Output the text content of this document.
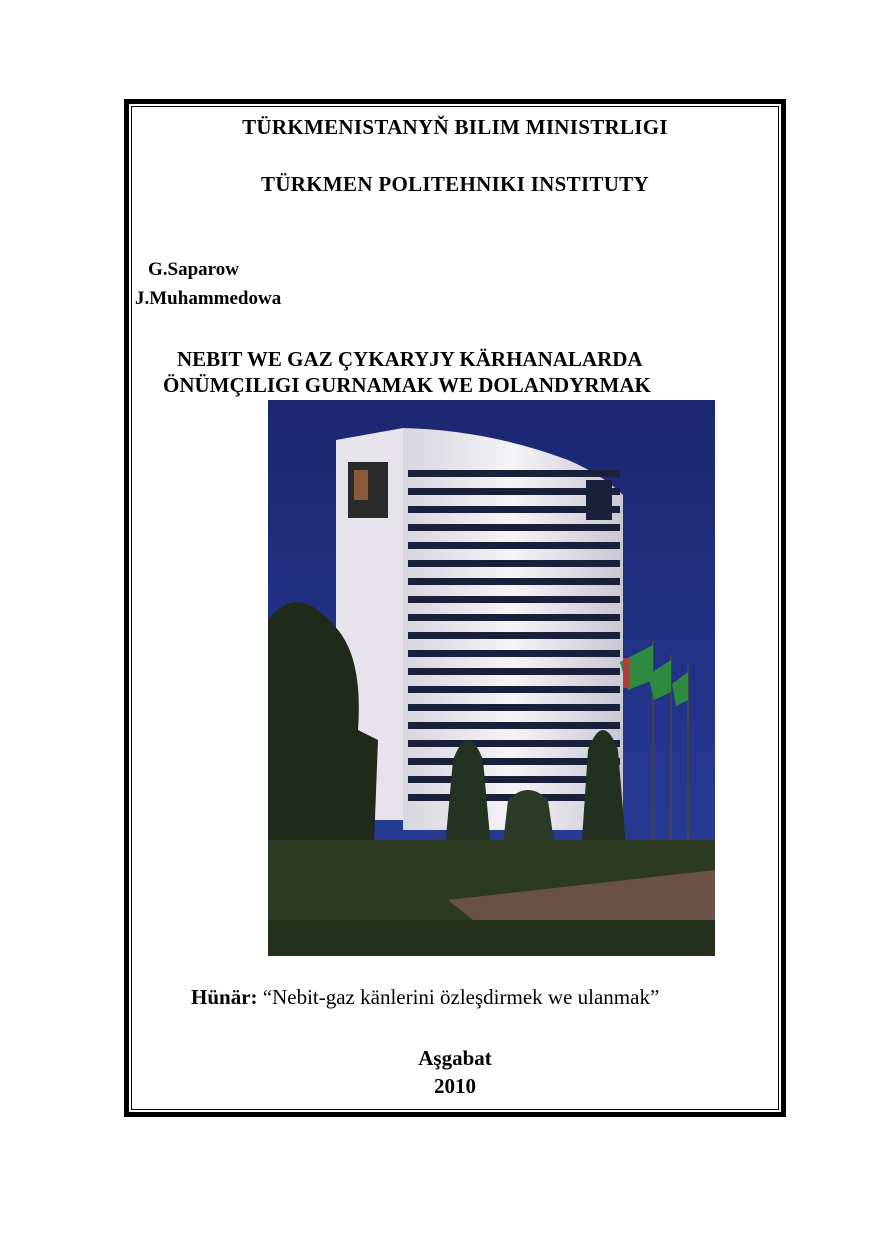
TÜRKMENISTANYŇ BILIM MINISTRLIGI
TÜRKMEN POLITEHNIKI INSTITUTY
G.Saparow
J.Muhammedowa
NEBIT WE GAZ ÇYKARYJY KÄRHANALARDA
ÖNÜMÇILIGI GURNAMAK WE DOLANDYRMAK
Hünär: “Nebit-gaz känlerini özleşdirmek we ulanmak”
Aşgabat
2010
